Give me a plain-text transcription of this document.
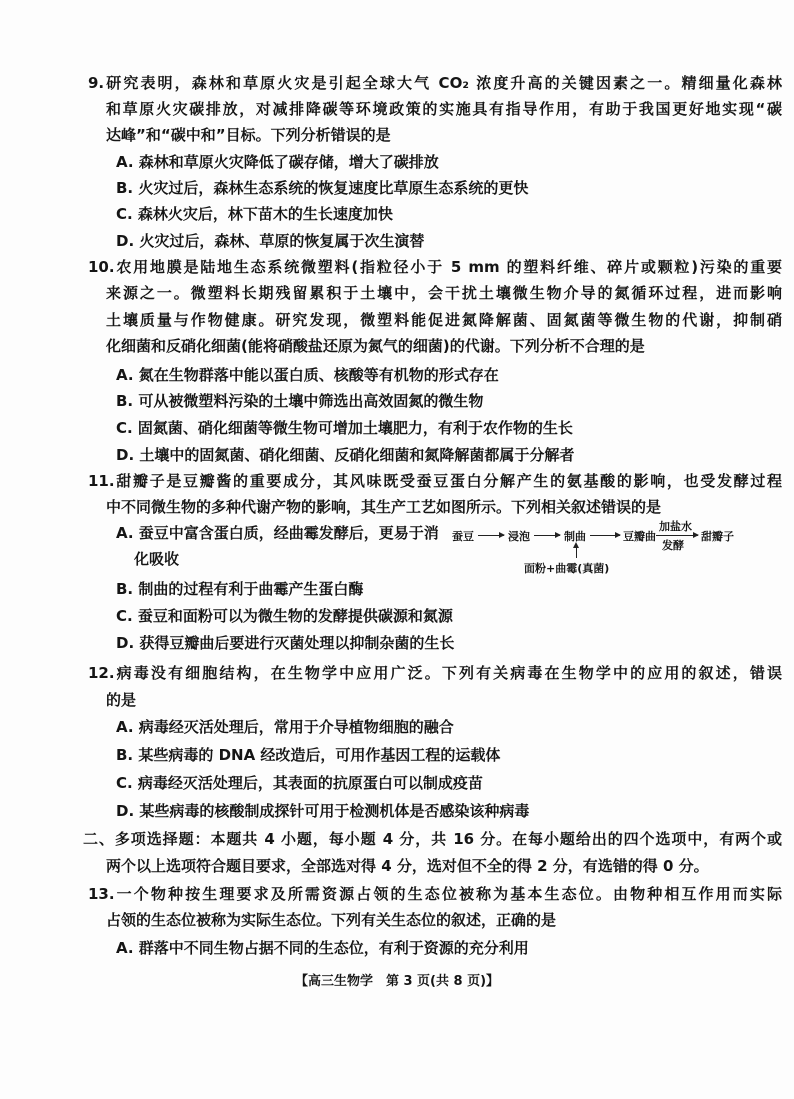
9.研究表明，森林和草原火灾是引起全球大气 CO₂ 浓度升高的关键因素之一。精细量化森林
和草原火灾碳排放，对减排降碳等环境政策的实施具有指导作用，有助于我国更好地实现“碳
达峰”和“碳中和”目标。下列分析错误的是
A. 森林和草原火灾降低了碳存储，增大了碳排放
B. 火灾过后，森林生态系统的恢复速度比草原生态系统的更快
C. 森林火灾后，林下苗木的生长速度加快
D. 火灾过后，森林、草原的恢复属于次生演替
10.农用地膜是陆地生态系统微塑料(指粒径小于 5 mm 的塑料纤维、碎片或颗粒)污染的重要
来源之一。微塑料长期残留累积于土壤中，会干扰土壤微生物介导的氮循环过程，进而影响
土壤质量与作物健康。研究发现，微塑料能促进氮降解菌、固氮菌等微生物的代谢，抑制硝
化细菌和反硝化细菌(能将硝酸盐还原为氮气的细菌)的代谢。下列分析不合理的是
A. 氮在生物群落中能以蛋白质、核酸等有机物的形式存在
B. 可从被微塑料污染的土壤中筛选出高效固氮的微生物
C. 固氮菌、硝化细菌等微生物可增加土壤肥力，有利于农作物的生长
D. 土壤中的固氮菌、硝化细菌、反硝化细菌和氮降解菌都属于分解者
11.甜瓣子是豆瓣酱的重要成分，其风味既受蚕豆蛋白分解产生的氨基酸的影响，也受发酵过程
中不同微生物的多种代谢产物的影响，其生产工艺如图所示。下列相关叙述错误的是
A. 蚕豆中富含蛋白质，经曲霉发酵后，更易于消
化吸收
蚕豆	浸泡	制曲	豆瓣曲
加盐水
发酵
甜瓣子
面粉+曲霉(真菌)
B. 制曲的过程有利于曲霉产生蛋白酶
C. 蚕豆和面粉可以为微生物的发酵提供碳源和氮源
D. 获得豆瓣曲后要进行灭菌处理以抑制杂菌的生长
12.病毒没有细胞结构，在生物学中应用广泛。下列有关病毒在生物学中的应用的叙述，错误
的是
A. 病毒经灭活处理后，常用于介导植物细胞的融合
B. 某些病毒的 DNA 经改造后，可用作基因工程的运载体
C. 病毒经灭活处理后，其表面的抗原蛋白可以制成疫苗
D. 某些病毒的核酸制成探针可用于检测机体是否感染该种病毒
二、多项选择题：本题共 4 小题，每小题 4 分，共 16 分。在每小题给出的四个选项中，有两个或
两个以上选项符合题目要求，全部选对得 4 分，选对但不全的得 2 分，有选错的得 0 分。
13.一个物种按生理要求及所需资源占领的生态位被称为基本生态位。由物种相互作用而实际
占领的生态位被称为实际生态位。下列有关生态位的叙述，正确的是
A. 群落中不同生物占据不同的生态位，有利于资源的充分利用
【高三生物学　第 3 页(共 8 页)】
